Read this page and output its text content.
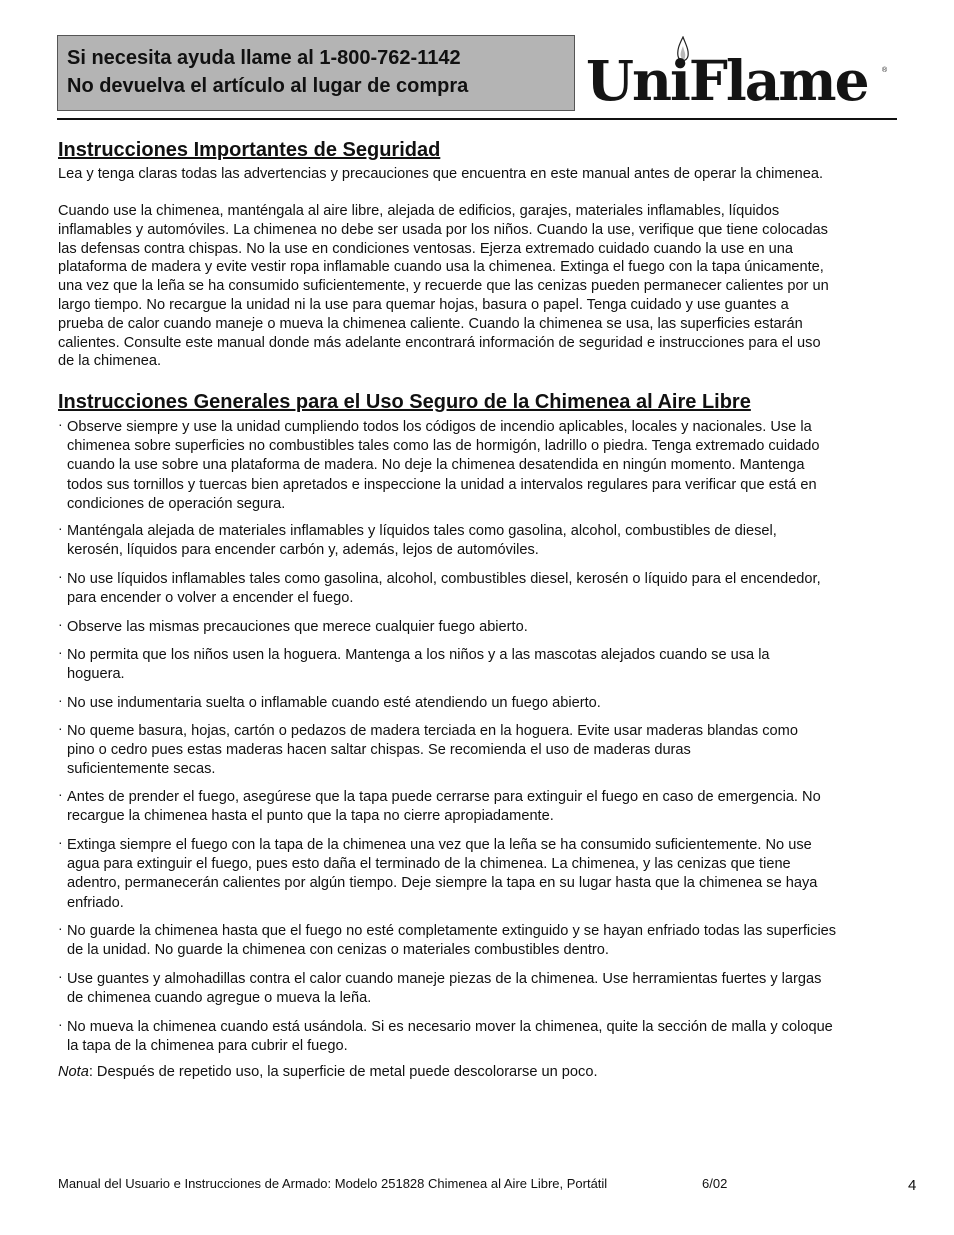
Si necesita ayuda llame al 1-800-762-1142
No devuelva el artículo al lugar de compra	UniFlame ®
Instrucciones Importantes de Seguridad

Lea y tenga claras todas las advertencias y precauciones que encuentra en este manual antes de operar la chimenea.

Cuando use la chimenea, manténgala al aire libre, alejada de edificios, garajes, materiales inflamables, líquidos
inflamables y automóviles. La chimenea no debe ser usada por los niños. Cuando la use, verifique que tiene colocadas
las defensas contra chispas. No la use en condiciones ventosas. Ejerza extremado cuidado cuando la use en una
plataforma de madera y evite vestir ropa inflamable cuando usa la chimenea. Extinga el fuego con la tapa únicamente,
una vez que la leña se ha consumido suficientemente, y recuerde que las cenizas pueden permanecer calientes por un
largo tiempo. No recargue la unidad ni la use para quemar hojas, basura o papel. Tenga cuidado y use guantes a
prueba de calor cuando maneje o mueva la chimenea caliente. Cuando la chimenea se usa, las superficies estarán
calientes. Consulte este manual donde más adelante encontrará información de seguridad e instrucciones para el uso
de la chimenea.
Instrucciones Generales para el Uso Seguro de la Chimenea al Aire Libre
· Observe siempre y use la unidad cumpliendo todos los códigos de incendio aplicables, locales y nacionales. Use la
chimenea sobre superficies no combustibles tales como las de hormigón, ladrillo o piedra. Tenga extremado cuidado
cuando la use sobre una plataforma de madera. No deje la chimenea desatendida en ningún momento. Mantenga
todos sus tornillos y tuercas bien apretados e inspeccione la unidad a intervalos regulares para verificar que está en
condiciones de operación segura.
· Manténgala alejada de materiales inflamables y líquidos tales como gasolina, alcohol, combustibles de diesel,
kerosén, líquidos para encender carbón y, además, lejos de automóviles.
· No use líquidos inflamables tales como gasolina, alcohol, combustibles diesel, kerosén o líquido para el encendedor,
para encender o volver a encender el fuego.
· Observe las mismas precauciones que merece cualquier fuego abierto.
· No permita que los niños usen la hoguera. Mantenga a los niños y a las mascotas alejados cuando se usa la
hoguera.
· No use indumentaria suelta o inflamable cuando esté atendiendo un fuego abierto.
· No queme basura, hojas, cartón o pedazos de madera terciada en la hoguera. Evite usar maderas blandas como
pino o cedro pues estas maderas hacen saltar chispas. Se recomienda el uso de maderas duras
suficientemente secas.
· Antes de prender el fuego, asegúrese que la tapa puede cerrarse para extinguir el fuego en caso de emergencia. No
recargue la chimenea hasta el punto que la tapa no cierre apropiadamente.
· Extinga siempre el fuego con la tapa de la chimenea una vez que la leña se ha consumido suficientemente. No use
agua para extinguir el fuego, pues esto daña el terminado de la chimenea. La chimenea, y las cenizas que tiene
adentro, permanecerán calientes por algún tiempo. Deje siempre la tapa en su lugar hasta que la chimenea se haya
enfriado.
· No guarde la chimenea hasta que el fuego no esté completamente extinguido y se hayan enfriado todas las superficies
de la unidad. No guarde la chimenea con cenizas o materiales combustibles dentro.
· Use guantes y almohadillas contra el calor cuando maneje piezas de la chimenea. Use herramientas fuertes y largas
de chimenea cuando agregue o mueva la leña.
· No mueva la chimenea cuando está usándola. Si es necesario mover la chimenea, quite la sección de malla y coloque
la tapa de la chimenea para cubrir el fuego.
Nota: Después de repetido uso, la superficie de metal puede descolorarse un poco.
Manual del Usuario e Instrucciones de Armado: Modelo 251828 Chimenea al Aire Libre, Portátil	6/02	4
